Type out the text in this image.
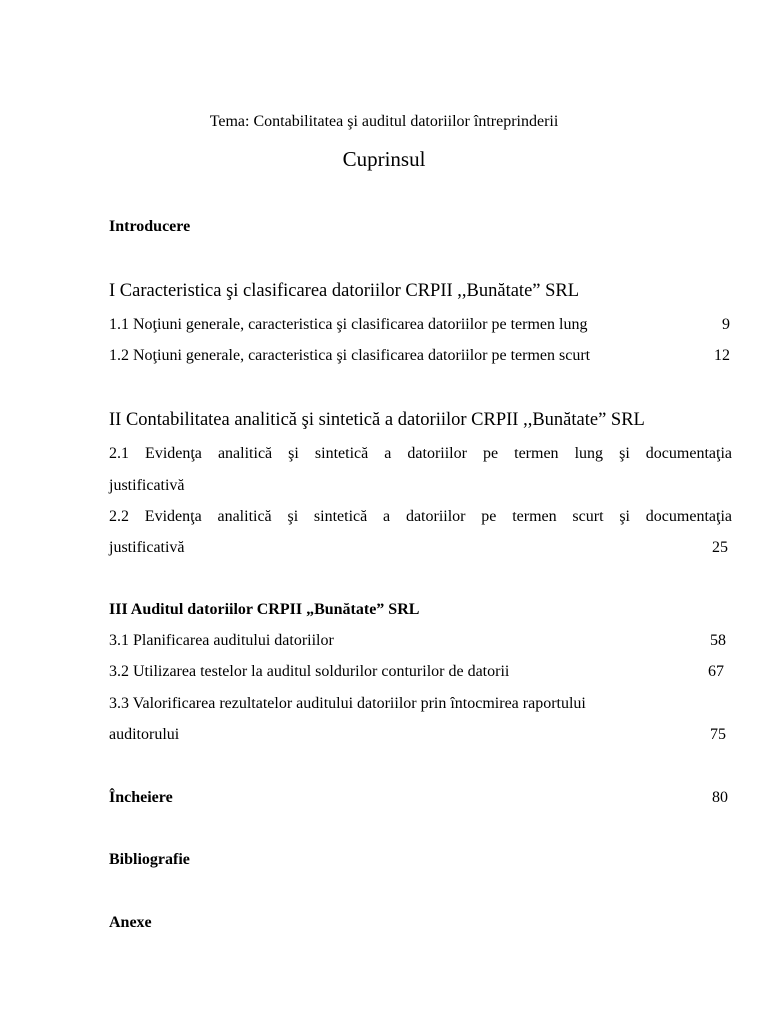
Tema: Contabilitatea şi auditul datoriilor întreprinderii
Cuprinsul
Introducere
I Caracteristica şi clasificarea datoriilor CRPII ,,Bunătate” SRL
1.1 Noţiuni generale, caracteristica şi clasificarea datoriilor pe termen lung	9
1.2 Noţiuni generale, caracteristica şi clasificarea datoriilor pe termen scurt	12
II Contabilitatea analitică şi sintetică a datoriilor CRPII ,,Bunătate” SRL
2.1 Evidenţa analitică şi sintetică a datoriilor pe termen lung şi documentaţia
justificativă
2.2 Evidenţa analitică şi sintetică a datoriilor pe termen scurt şi documentaţia
justificativă	25
III Auditul datoriilor CRPII „Bunătate” SRL
3.1 Planificarea auditului datoriilor	58
3.2 Utilizarea testelor la auditul soldurilor conturilor de datorii	67
3.3 Valorificarea rezultatelor auditului datoriilor prin întocmirea raportului
auditorului	75
Încheiere	80
Bibliografie
Anexe
